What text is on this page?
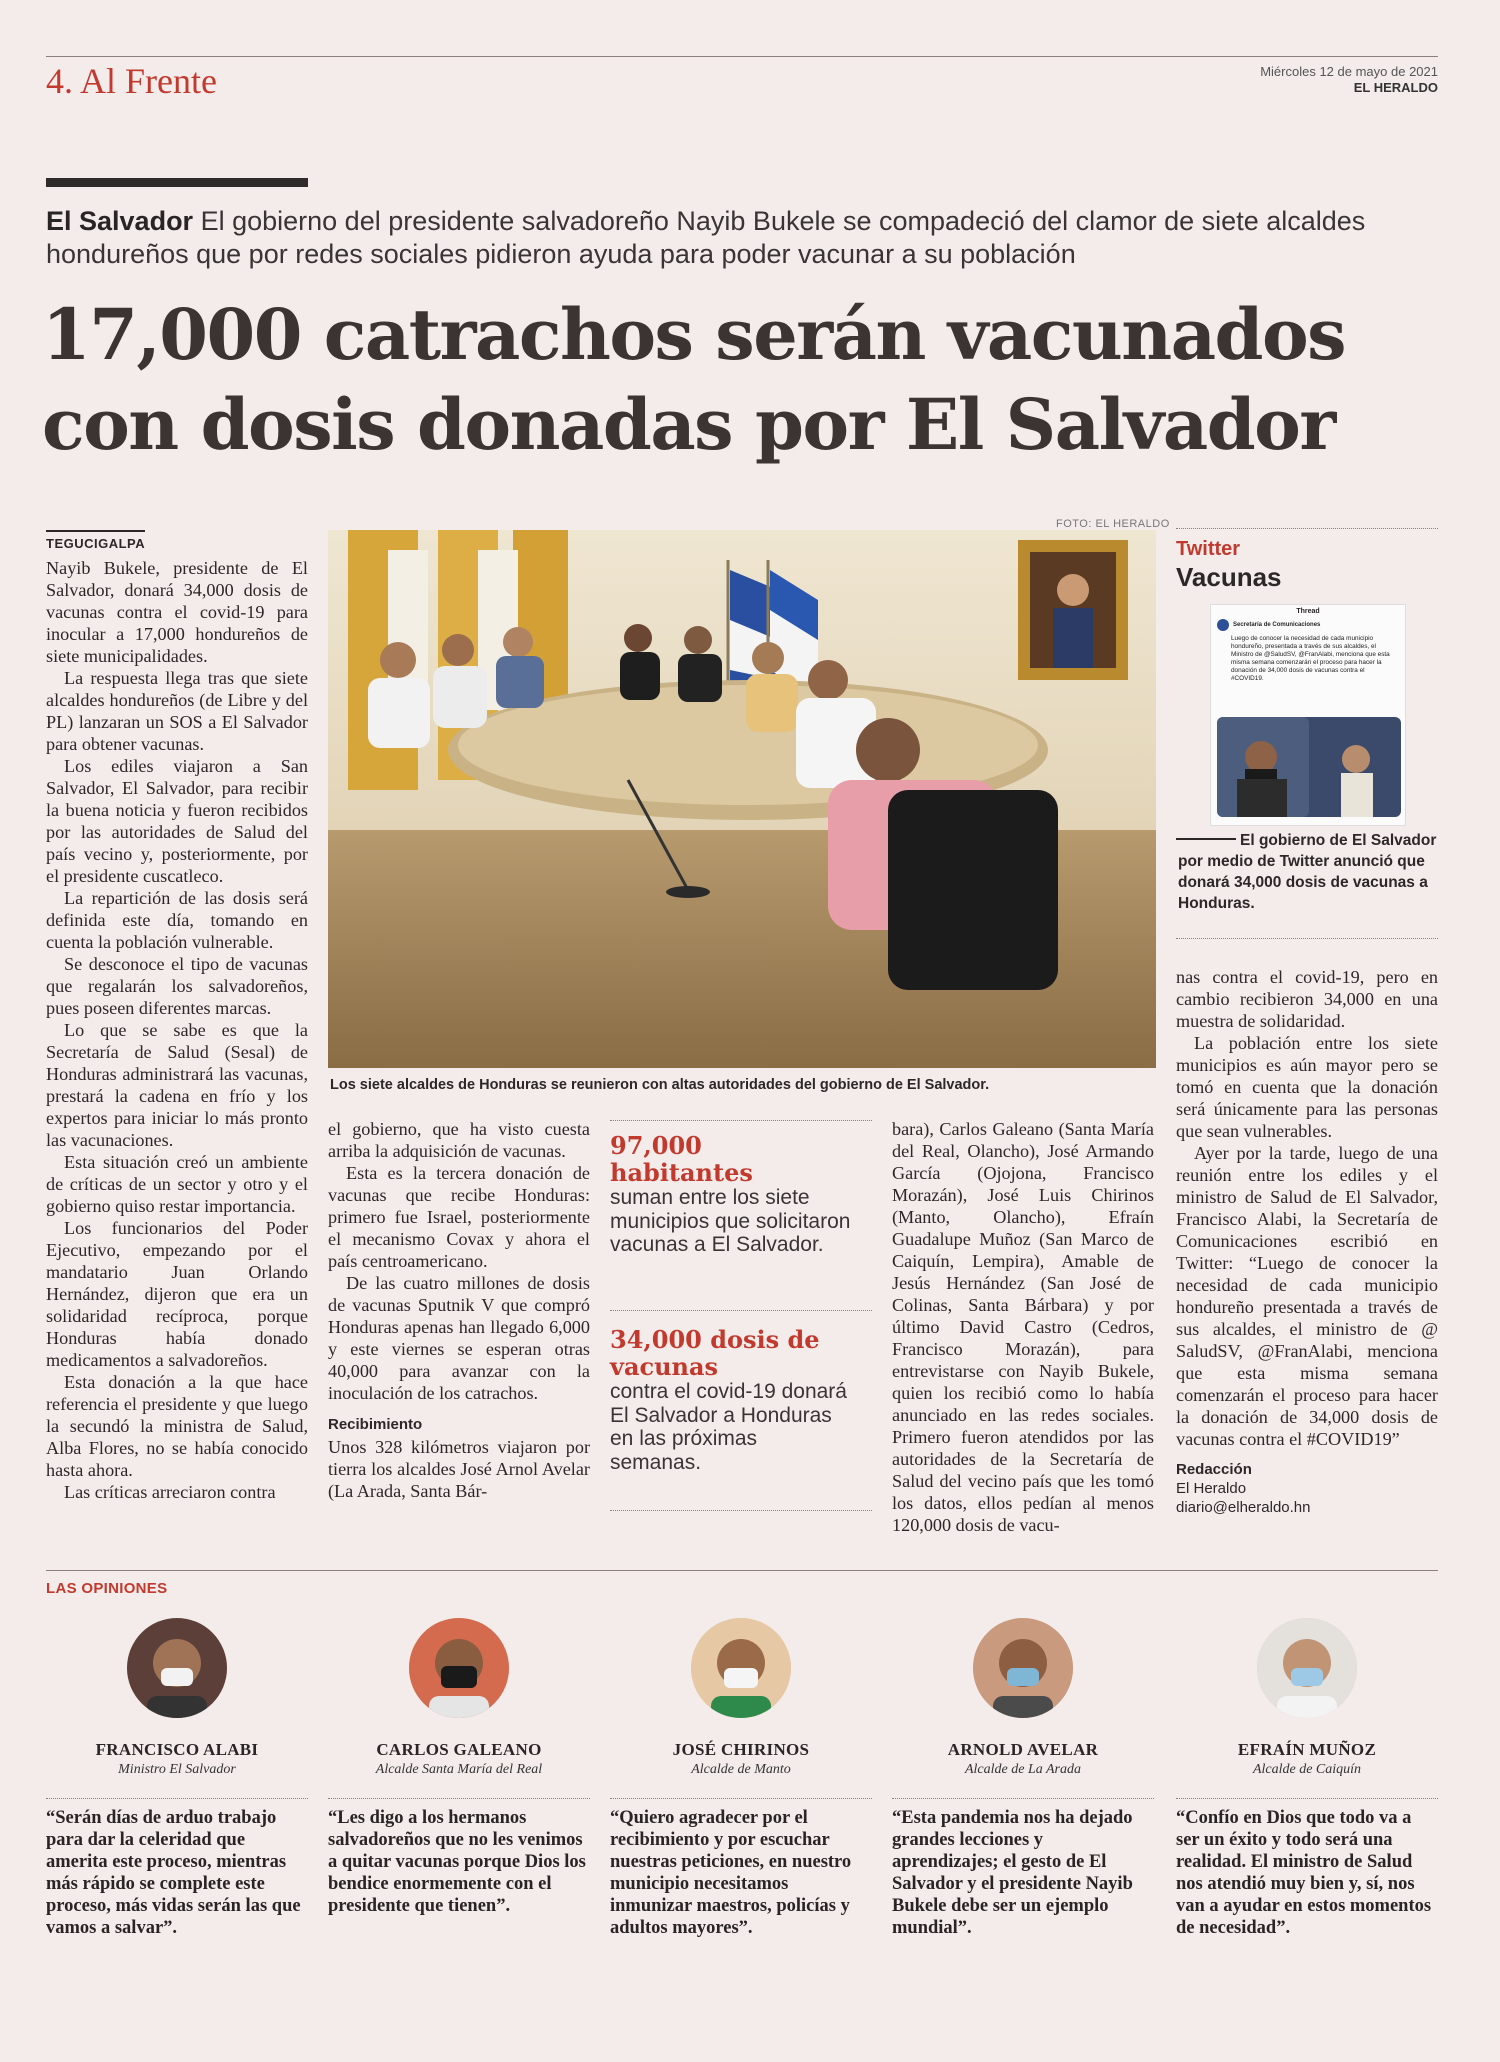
4. Al Frente	Miércoles 12 de mayo de 2021
EL HERALDO
El Salvador El gobierno del presidente salvadoreño Nayib Bukele se compadeció del clamor de siete alcaldes hondureños que por redes sociales pidieron ayuda para poder vacunar a su población
17,000 catrachos serán vacunados
con dosis donadas por El Salvador
TEGUCIGALPA

Nayib Bukele, presidente de El Salvador, donará 34,000 dosis de vacunas contra el covid-19 para inocular a 17,000 hondureños de siete municipalidades.

La respuesta llega tras que siete alcaldes hondureños (de Libre y del PL) lanzaran un SOS a El Salvador para obtener vacunas.

Los ediles viajaron a San Salvador, El Salvador, para recibir la buena noticia y fueron recibidos por las autoridades de Salud del país vecino y, posteriormente, por el presidente cuscatleco.

La repartición de las dosis será definida este día, tomando en cuenta la población vulnerable.

Se desconoce el tipo de vacunas que regalarán los salvadoreños, pues poseen diferentes marcas.

Lo que se sabe es que la Secretaría de Salud (Sesal) de Honduras administrará las vacunas, prestará la cadena en frío y los expertos para iniciar lo más pronto las vacunaciones.

Esta situación creó un ambiente de críticas de un sector y otro y el gobierno quiso restar importancia.

Los funcionarios del Poder Ejecutivo, empezando por el mandatario Juan Orlando Hernández, dijeron que era un solidaridad recíproca, porque Honduras había donado medicamentos a salvadoreños.

Esta donación a la que hace referencia el presidente y que luego la secundó la ministra de Salud, Alba Flores, no se había conocido hasta ahora.

Las críticas arreciaron contra

FOTO: EL HERALDO
Los siete alcaldes de Honduras se reunieron con altas autoridades del gobierno de El Salvador.
Twitter
Vacunas
Thread
Secretaría de Comunicaciones
Luego de conocer la necesidad de cada municipio hondureño, presentada a través de sus alcaldes, el Ministro de @SaludSV, @FranAlabi, menciona que esta misma semana comenzarán el proceso para hacer la donación de 34,000 dosis de vacunas contra el #COVID19.
El gobierno de El Salvador por medio de Twitter anunció que donará 34,000 dosis de vacunas a Honduras.

el gobierno, que ha visto cuesta arriba la adquisición de vacunas.

Esta es la tercera donación de vacunas que recibe Honduras: primero fue Israel, posteriormente el mecanismo Covax y ahora el país centroamericano.

De las cuatro millones de dosis de vacunas Sputnik V que compró Honduras apenas han llegado 6,000 y este viernes se esperan otras 40,000 para avanzar con la inoculación de los catrachos.

Recibimiento

Unos 328 kilómetros viajaron por tierra los alcaldes José Arnol Avelar (La Arada, Santa Bár-

97,000 habitantes
suman entre los siete municipios que solicitaron vacunas a El Salvador.
34,000 dosis de vacunas
contra el covid-19 donará El Salvador a Honduras en las próximas semanas.

bara), Carlos Galeano (Santa María del Real, Olancho), José Armando García (Ojojona, Francisco Morazán), José Luis Chirinos (Manto, Olancho), Efraín Guadalupe Muñoz (San Marco de Caiquín, Lempira), Amable de Jesús Hernández (San José de Colinas, Santa Bárbara) y por último David Castro (Cedros, Francisco Morazán), para entrevistarse con Nayib Bukele, quien los recibió como lo había anunciado en las redes sociales. Primero fueron atendidos por las autoridades de la Secretaría de Salud del vecino país que les tomó los datos, ellos pedían al menos 120,000 dosis de vacu-

nas contra el covid-19, pero en cambio recibieron 34,000 en una muestra de solidaridad.

La población entre los siete municipios es aún mayor pero se tomó en cuenta que la donación será únicamente para las personas que sean vulnerables.

Ayer por la tarde, luego de una reunión entre los ediles y el ministro de Salud de El Salvador, Francisco Alabi, la Secretaría de Comunicaciones escribió en Twitter: “Luego de conocer la necesidad de cada municipio hondureño presentada a través de sus alcaldes, el ministro de @ SaludSV, @FranAlabi, menciona que esta misma semana comenzarán el proceso para hacer la donación de 34,000 dosis de vacunas contra el #COVID19”

Redacción
El Heraldo
diario@elheraldo.hn
LAS OPINIONES
FRANCISCO ALABI
Ministro El Salvador
“Serán días de arduo trabajo para dar la celeridad que amerita este proceso, mientras más rápido se complete este proceso, más vidas serán las que vamos a salvar”.
CARLOS GALEANO
Alcalde Santa María del Real
“Les digo a los hermanos salvadoreños que no les venimos a quitar vacunas porque Dios los bendice enormemente con el presidente que tienen”.
JOSÉ CHIRINOS
Alcalde de Manto
“Quiero agradecer por el recibimiento y por escuchar nuestras peticiones, en nuestro municipio necesitamos inmunizar maestros, policías y adultos mayores”.
ARNOLD AVELAR
Alcalde de La Arada
“Esta pandemia nos ha dejado grandes lecciones y aprendizajes; el gesto de El Salvador y el presidente Nayib Bukele debe ser un ejemplo mundial”.
EFRAÍN MUÑOZ
Alcalde de Caiquín
“Confío en Dios que todo va a ser un éxito y todo será una realidad. El ministro de Salud nos atendió muy bien y, sí, nos van a ayudar en estos momentos de necesidad”.
